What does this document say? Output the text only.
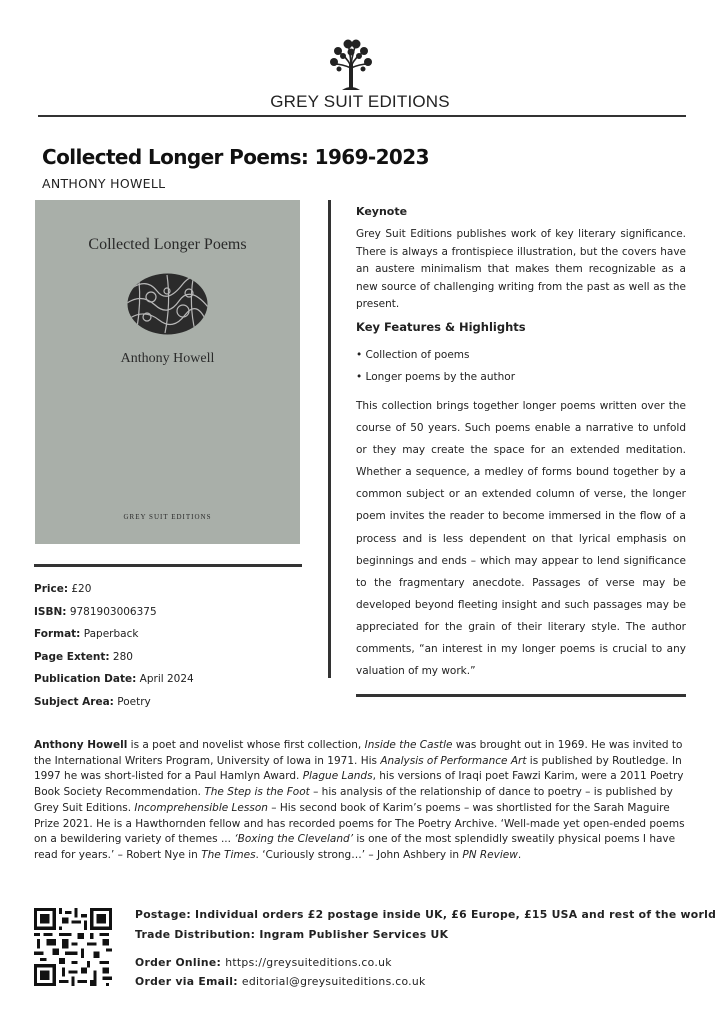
GREY SUIT EDITIONS
Collected Longer Poems: 1969-2023
ANTHONY HOWELL
Collected Longer Poems
Anthony Howell
GREY SUIT EDITIONS
Price: £20
ISBN: 9781903006375
Format: Paperback
Page Extent: 280
Publication Date: April 2024
Subject Area: Poetry
Keynote
Grey Suit Editions publishes work of key literary significance. There is always a frontispiece illustration, but the covers have an austere minimalism that makes them recognizable as a new source of challenging writing from the past as well as the present.
Key Features & Highlights
• Collection of poems
• Longer poems by the author
This collection brings together longer poems written over the course of 50 years. Such poems enable a narrative to unfold or they may create the space for an extended meditation. Whether a sequence, a medley of forms bound together by a common subject or an extended column of verse, the longer poem invites the reader to become immersed in the flow of a process and is less dependent on that lyrical emphasis on beginnings and ends – which may appear to lend significance to the fragmentary anecdote. Passages of verse may be developed beyond fleeting insight and such passages may be appreciated for the grain of their literary style. The author comments, “an interest in my longer poems is crucial to any valuation of my work.”
Anthony Howell is a poet and novelist whose first collection, Inside the Castle was brought out in 1969. He was invited to the International Writers Program, University of Iowa in 1971. His Analysis of Performance Art is published by Routledge. In 1997 he was short-listed for a Paul Hamlyn Award. Plague Lands, his versions of Iraqi poet Fawzi Karim, were a 2011 Poetry Book Society Recommendation. The Step is the Foot – his analysis of the relationship of dance to poetry – is published by Grey Suit Editions. Incomprehensible Lesson – His second book of Karim’s poems – was shortlisted for the Sarah Maguire Prize 2021. He is a Hawthornden fellow and has recorded poems for The Poetry Archive. ‘Well-made yet open-ended poems on a bewildering variety of themes ... ‘Boxing the Cleveland’ is one of the most splendidly sweatily physical poems I have read for years.’ – Robert Nye in The Times. ‘Curiously strong…’ – John Ashbery in PN Review.
Postage: Individual orders £2 postage inside UK, £6 Europe, £15 USA and rest of the world
Trade Distribution: Ingram Publisher Services UK
Order Online: https://greysuiteditions.co.uk
Order via Email: editorial@greysuiteditions.co.uk
